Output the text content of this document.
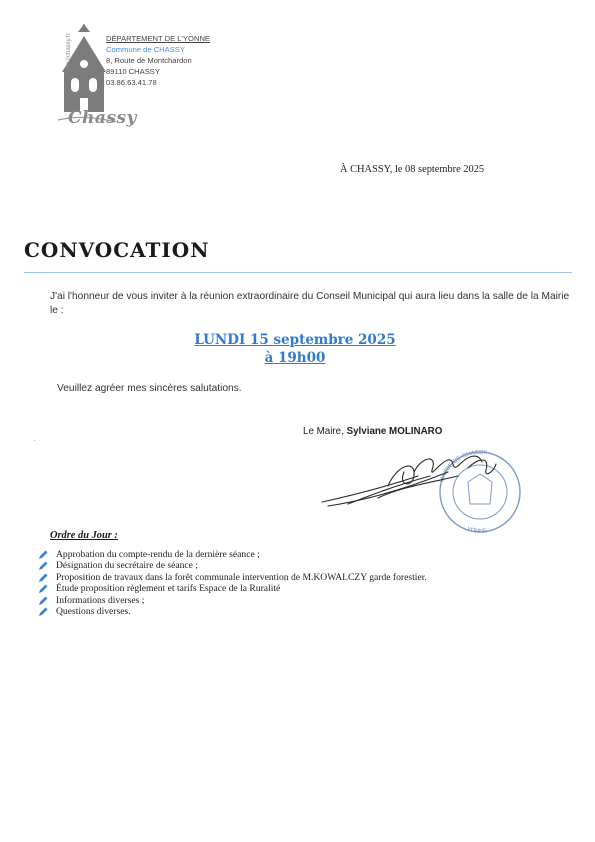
http://chassy.fr
Chassy
DÉPARTEMENT DE L'YONNE
Commune de CHASSY
8, Route de Montchardon
89110 CHASSY
03.86.63.41.78
À CHASSY, le 08 septembre 2025
CONVOCATION
J'ai l'honneur de vous inviter à la réunion extraordinaire du Conseil Municipal qui aura lieu dans la salle de la Mairie le :
LUNDI 15 septembre 2025
à 19h00
Veuillez agréer mes sincères salutations.
Le Maire, Sylviane MOLINARO
MAIRIE DE CHASSY
YONNE
Ordre du Jour :
Approbation du compte-rendu de la dernière séance ;
Désignation du secrétaire de séance ;
Proposition de travaux dans la forêt communale intervention de M.KOWALCZY garde forestier.
Étude proposition règlement et tarifs Espace de la Ruralité
Informations diverses ;
Questions diverses.
